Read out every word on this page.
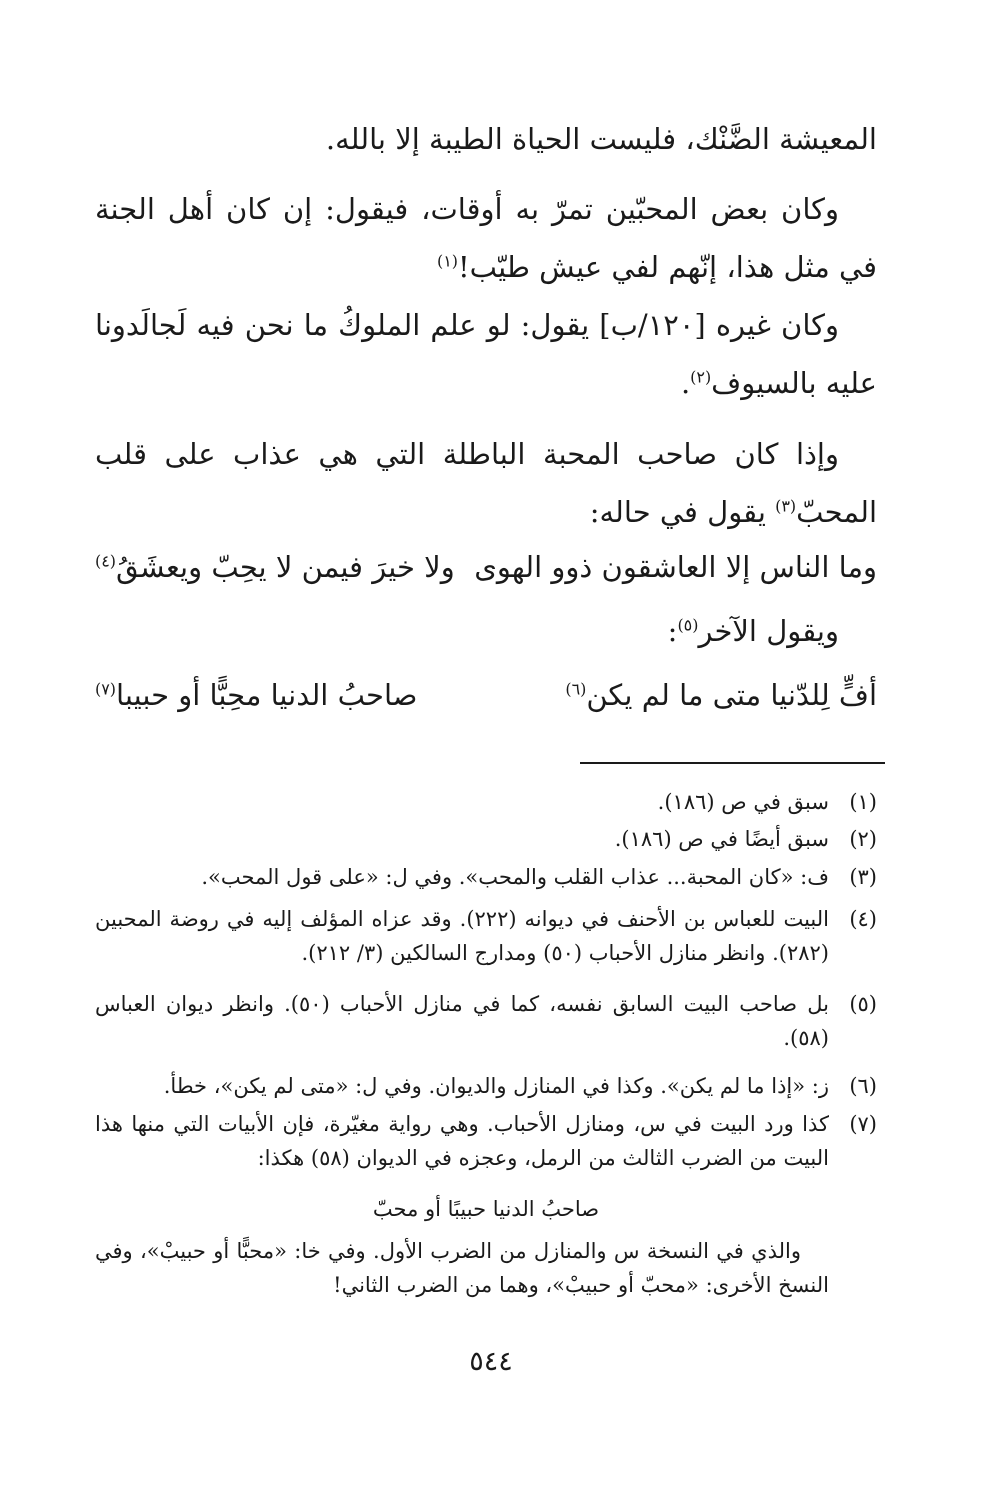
المعيشة الضَّنْك، فليست الحياة الطيبة إلا بالله.
وكان بعض المحبّين تمرّ به أوقات، فيقول: إن كان أهل الجنة في مثل هذا، إنّهم لفي عيش طيّب!$^{(١)}$
وكان غيره [١٢٠/ب] يقول: لو علم الملوكُ ما نحن فيه لَجالَدونا عليه بالسيوف$^{(٢)}$.
وإذا كان صاحب المحبة الباطلة التي هي عذاب على قلب المحبّ$^{(٣)}$ يقول في حاله:
وما الناس إلا العاشقون ذوو الهوى
ولا خيرَ فيمن لا يحِبّ ويعشَقُ$^{(٤)}$
ويقول الآخر$^{(٥)}$:
أفٍّ لِلدّنيا متى ما لم يكن$^{(٦)}$
صاحبُ الدنيا محِبًّا أو حبيبا$^{(٧)}$
(١)
سبق في ص (١٨٦).
(٢)
سبق أيضًا في ص (١٨٦).
(٣)
ف: «كان المحبة... عذاب القلب والمحب». وفي ل: «على قول المحب».
(٤)
البيت للعباس بن الأحنف في ديوانه (٢٢٢). وقد عزاه المؤلف إليه في روضة المحبين (٢٨٢). وانظر منازل الأحباب (٥٠) ومدارج السالكين (٣/ ٢١٢).
(٥)
بل صاحب البيت السابق نفسه، كما في منازل الأحباب (٥٠). وانظر ديوان العباس (٥٨).
(٦)
ز: «إذا ما لم يكن». وكذا في المنازل والديوان. وفي ل: «متى لم يكن»، خطأ.
(٧)
كذا ورد البيت في س، ومنازل الأحباب. وهي رواية مغيّرة، فإن الأبيات التي منها هذا البيت من الضرب الثالث من الرمل، وعجزه في الديوان (٥٨) هكذا:
صاحبُ الدنيا حبيبًا أو محبّ
والذي في النسخة س والمنازل من الضرب الأول. وفي خا: «محبًّا أو حبيبْ»، وفي النسخ الأخرى: «محبّ أو حبيبْ»، وهما من الضرب الثاني!
٥٤٤
